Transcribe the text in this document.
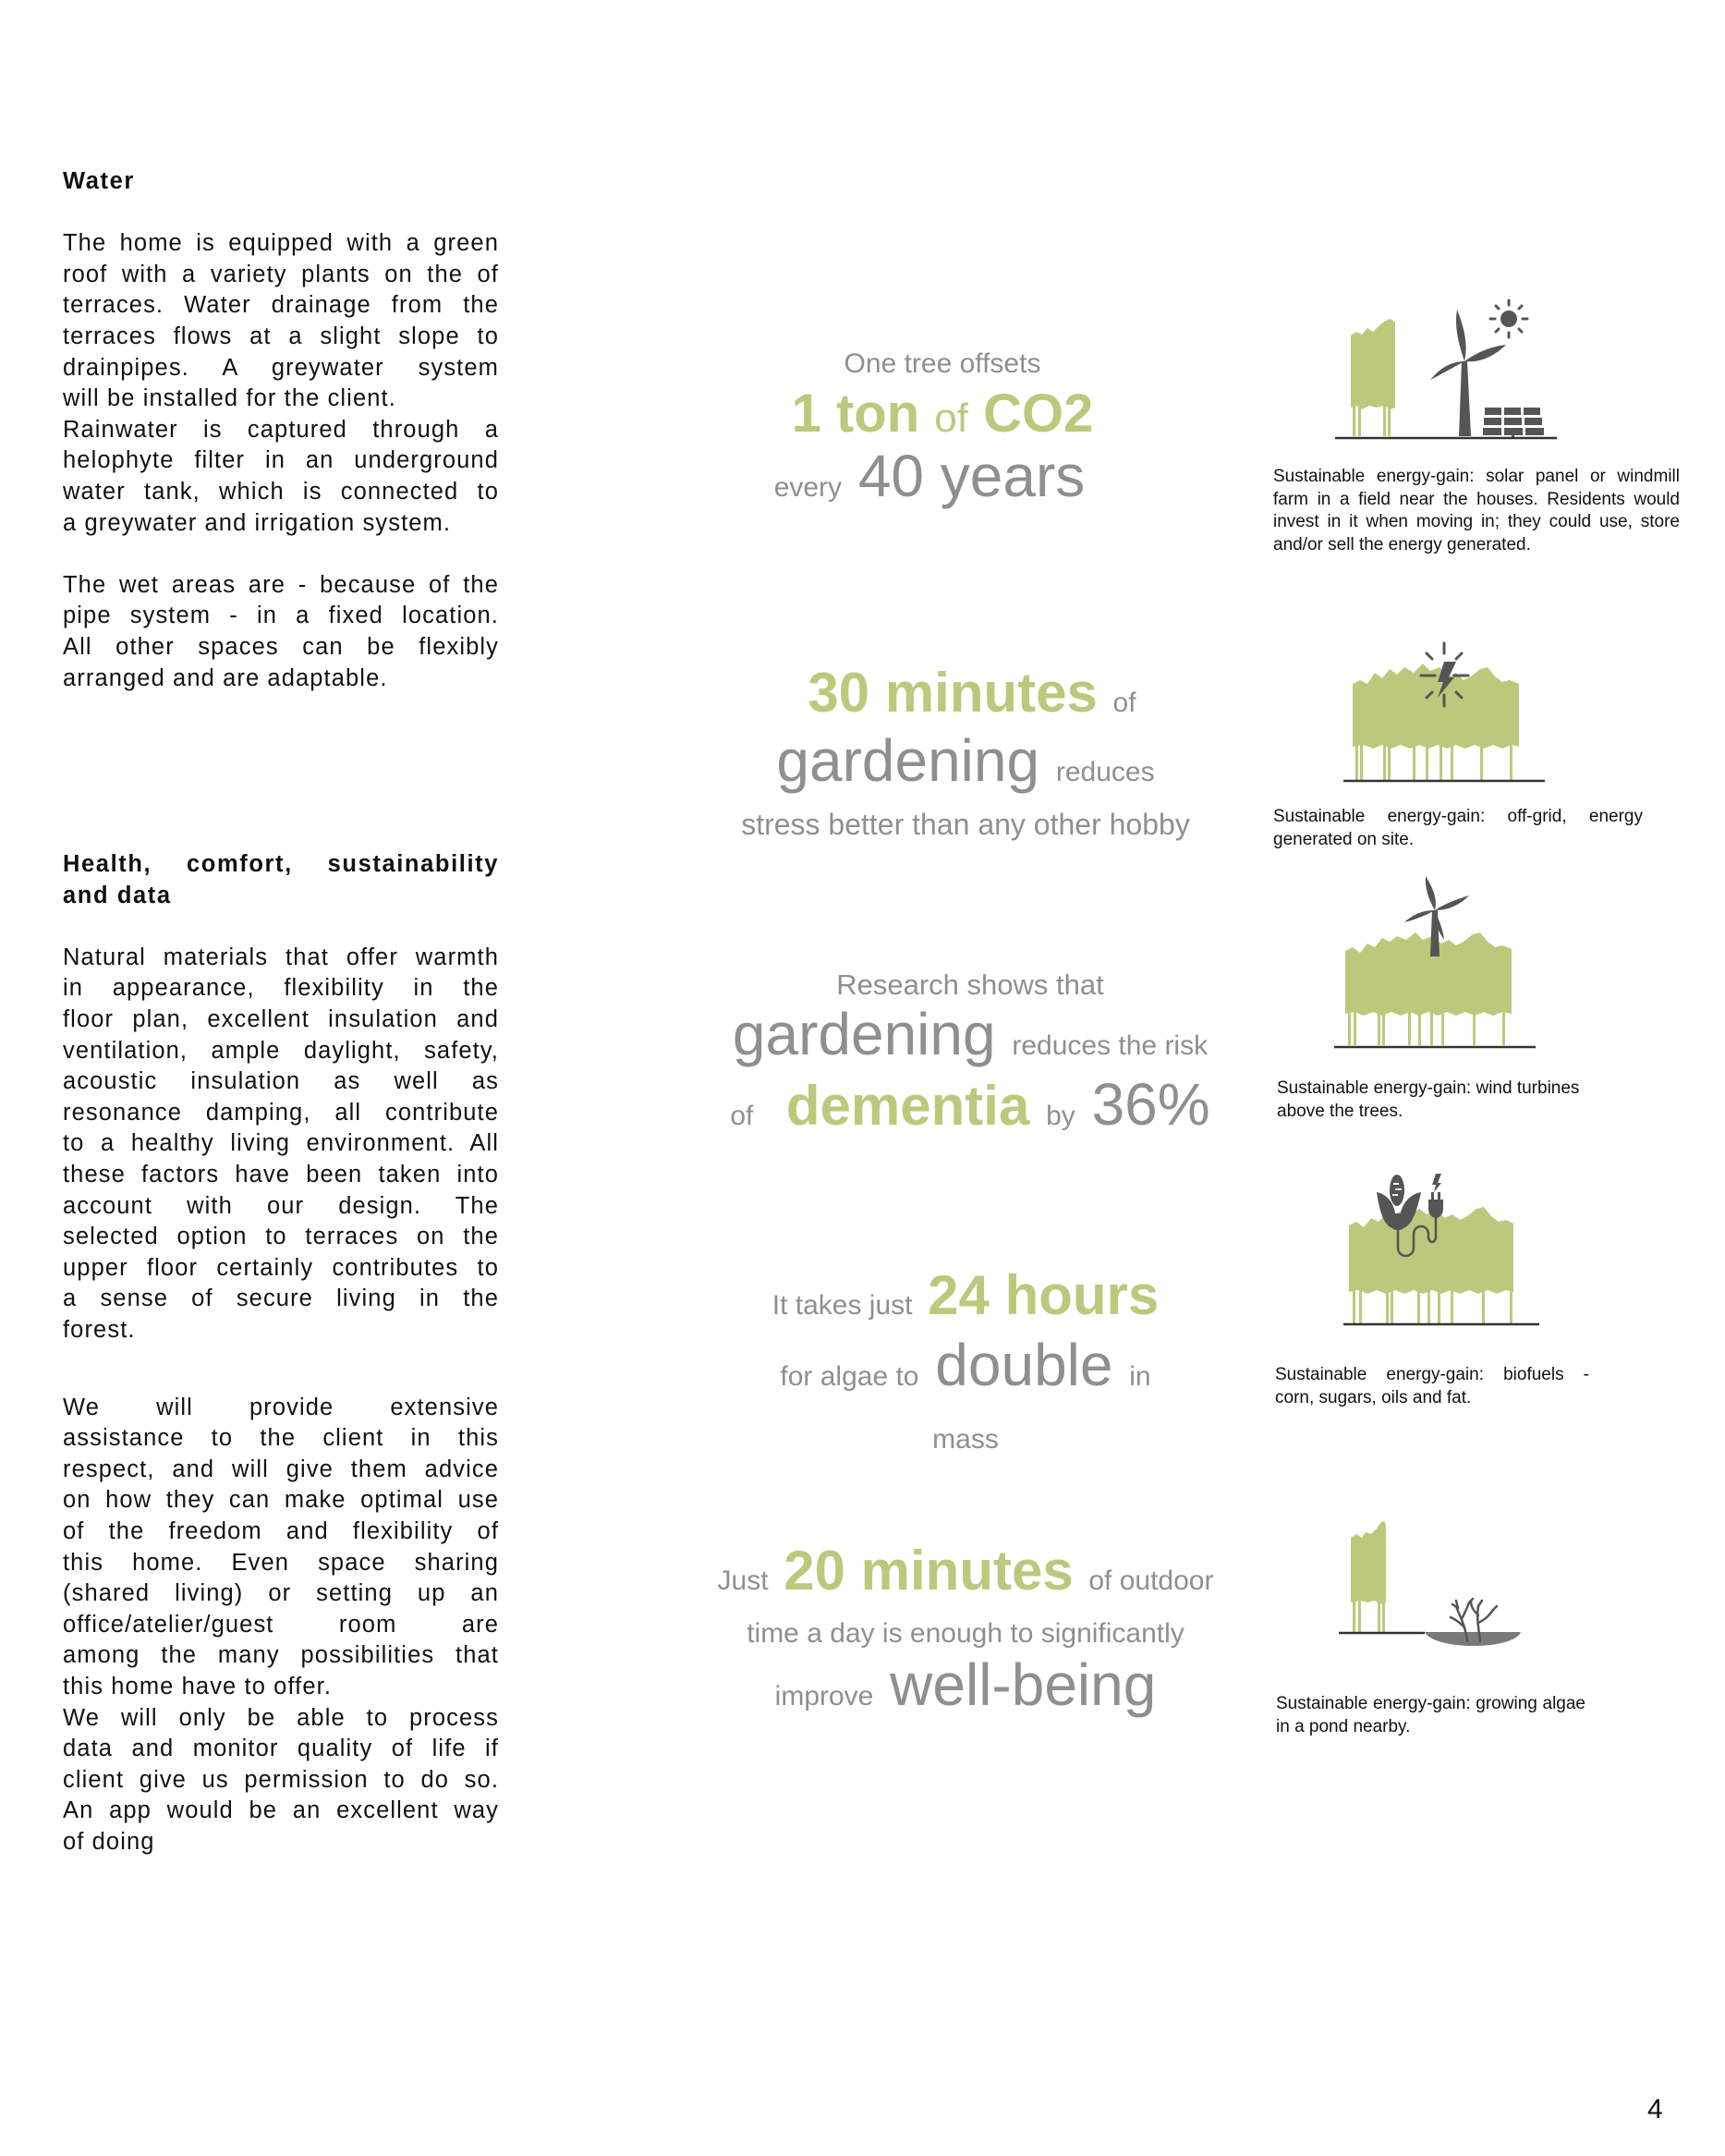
Water

The home is equipped with a green
roof with a variety plants on the of
terraces. Water drainage from the
terraces flows at a slight slope to
drainpipes. A greywater system
will be installed for the client.

Rainwater is captured through a
helophyte filter in an underground
water tank, which is connected to
a greywater and irrigation system.

The wet areas are - because of the
pipe system - in a fixed location.
All other spaces can be flexibly
arranged and are adaptable.

Health, comfort, sustainability
and data

Natural materials that offer warmth
in appearance, flexibility in the
floor plan, excellent insulation and
ventilation, ample daylight, safety,
acoustic insulation as well as
resonance damping, all contribute
to a healthy living environment. All
these factors have been taken into
account with our design. The
selected option to terraces on the
upper floor certainly contributes to
a sense of secure living in the
forest.

We will provide extensive
assistance to the client in this
respect, and will give them advice
on how they can make optimal use
of the freedom and flexibility of
this home. Even space sharing
(shared living) or setting up an
office/atelier/guest room are
among the many possibilities that
this home have to offer.

We will only be able to process
data and monitor quality of life if
client give us permission to do so.
An app would be an excellent way
of doing

One tree offsets
1 ton of CO2
every 40 years
30 minutes of
gardening reduces
stress better than any other hobby
Research shows that
gardening reduces the risk
of dementia by 36%
It takes just 24 hours
for algae to double in
mass
Just 20 minutes of outdoor
time a day is enough to significantly
improve well-being
Sustainable energy-gain: solar panel or windmill farm in a field near the houses. Residents would invest in it when moving in; they could use, store and/or sell the energy generated.
Sustainable energy-gain: off-grid, energy generated on site.
Sustainable energy-gain: wind turbines above the trees.
Sustainable energy-gain: biofuels - corn, sugars, oils and fat.
Sustainable energy-gain: growing algae in a pond nearby.
4
